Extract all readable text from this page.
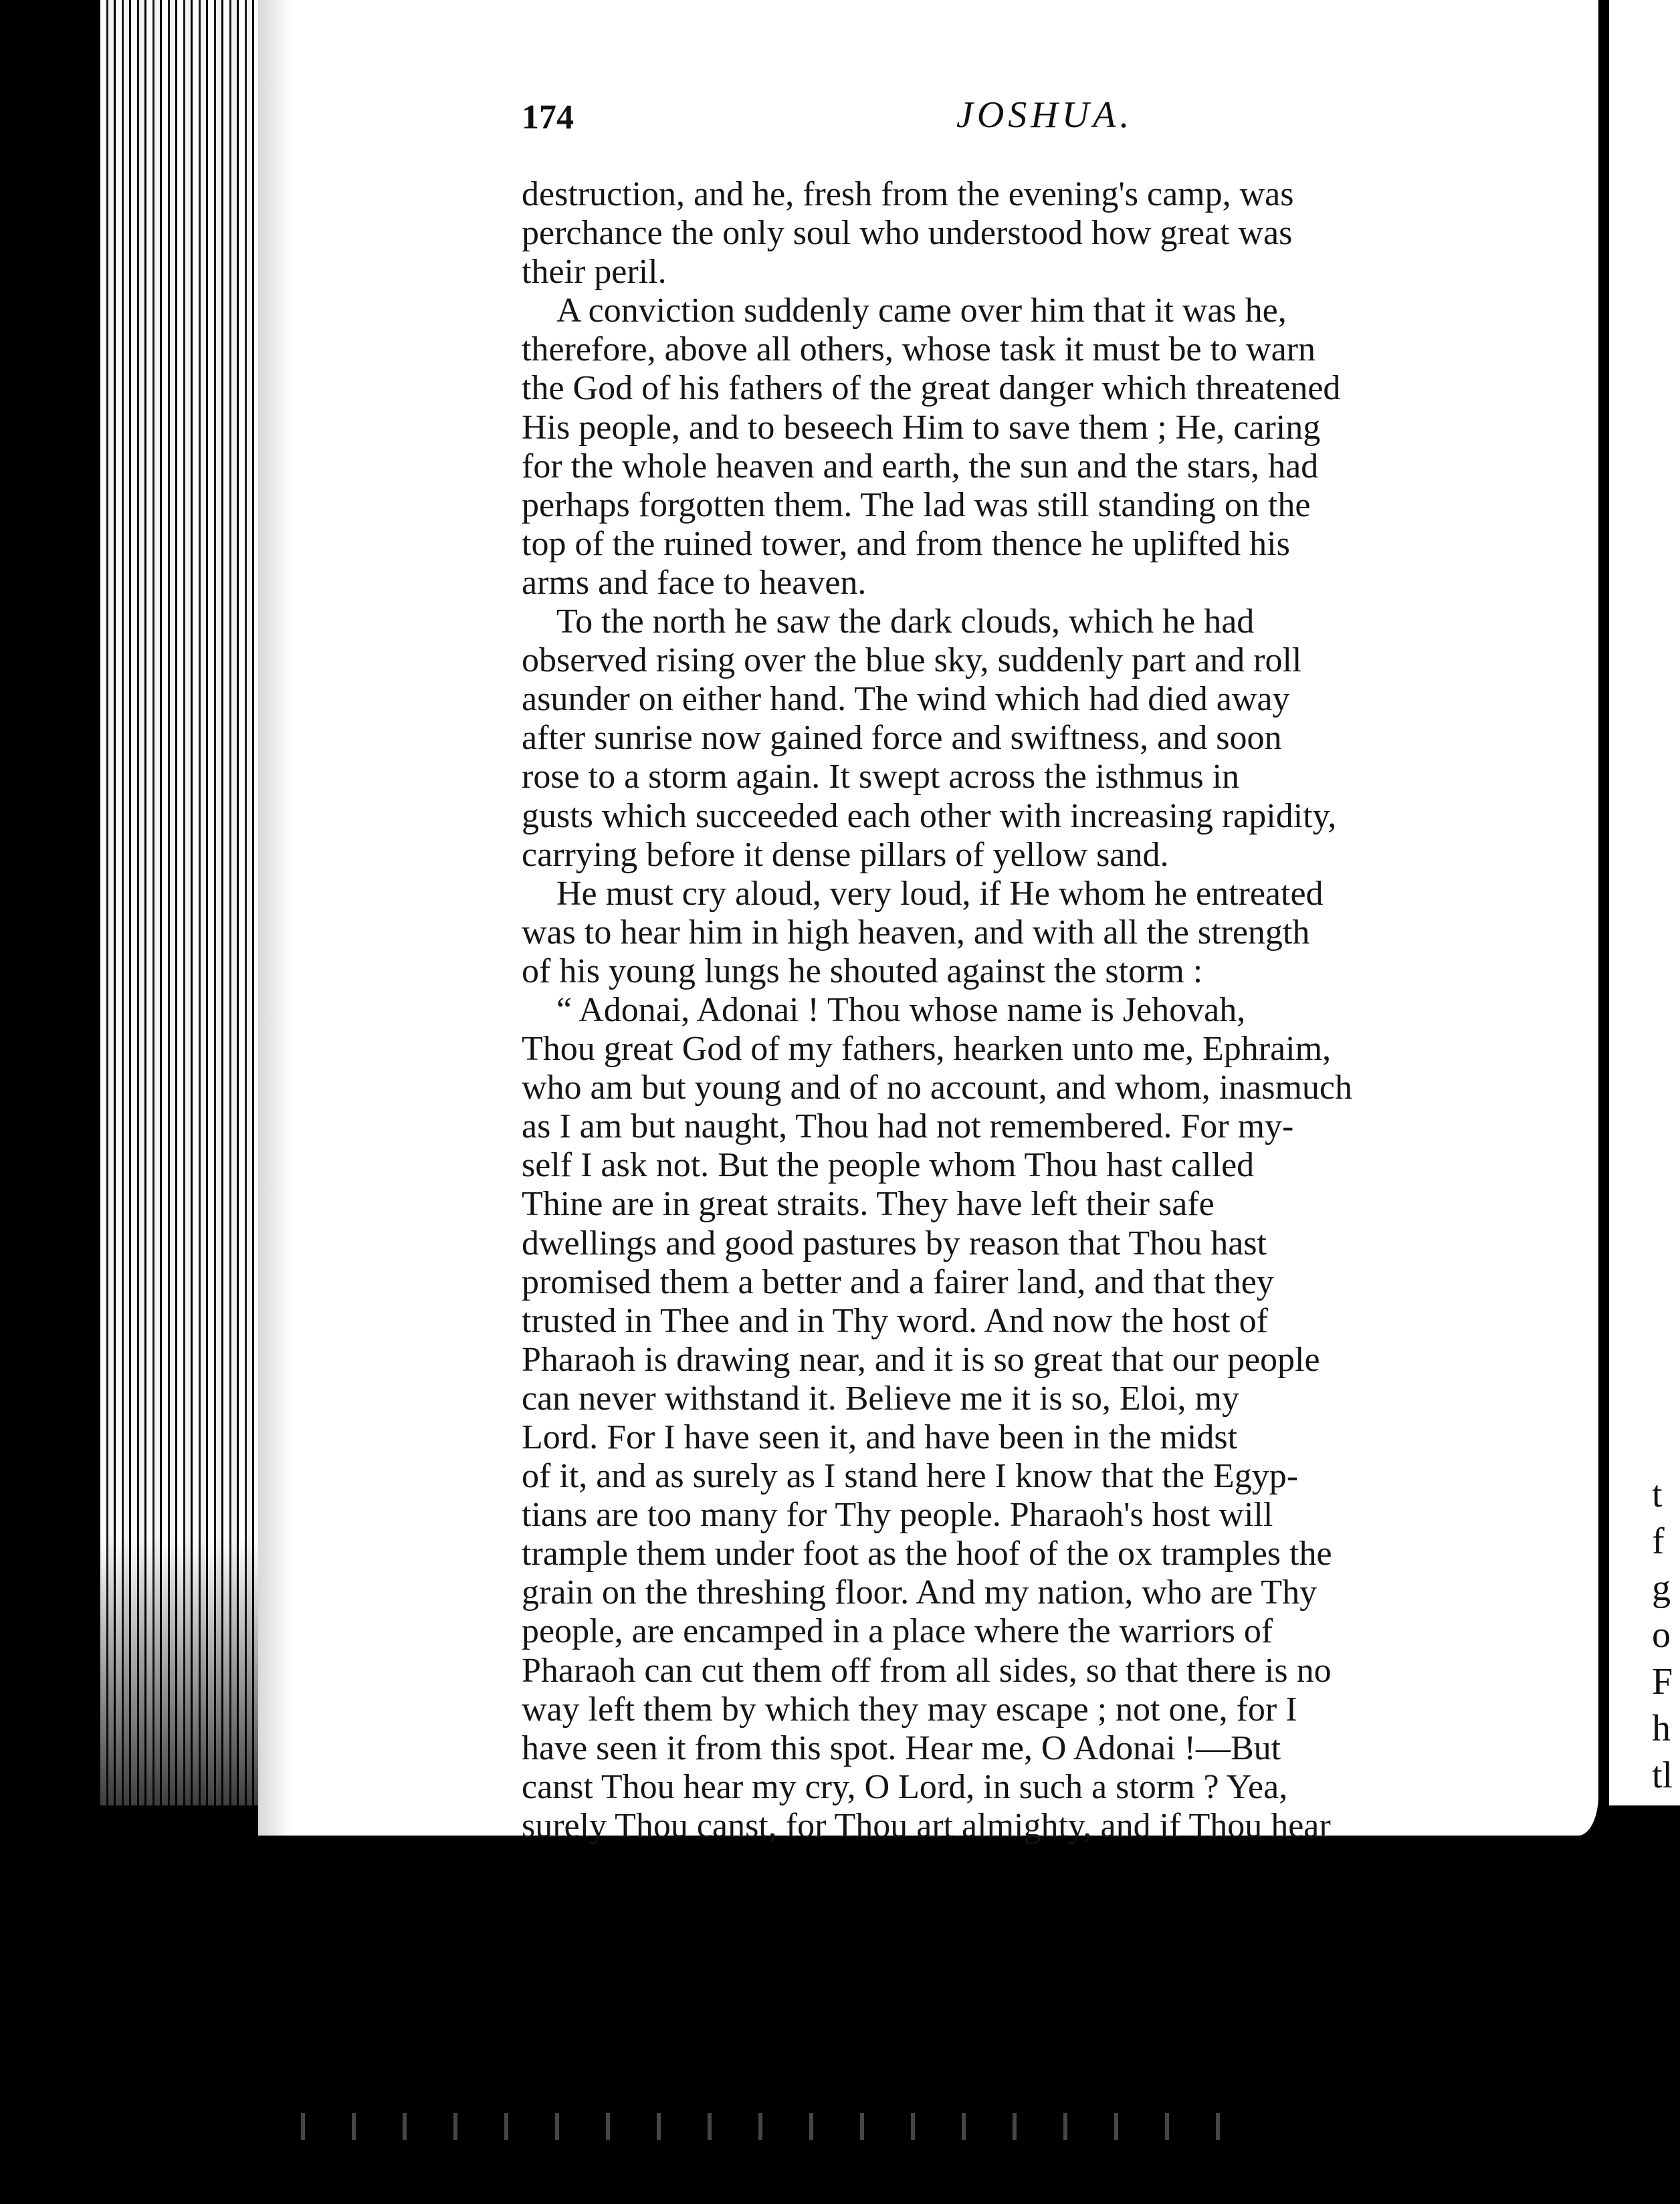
t
f
g
o
F
h
tl
174	JOSHUA.
destruction, and he, fresh from the evening's camp, was
perchance the only soul who understood how great was
their peril.
A conviction suddenly came over him that it was he,
therefore, above all others, whose task it must be to warn
the God of his fathers of the great danger which threatened
His people, and to beseech Him to save them ; He, caring
for the whole heaven and earth, the sun and the stars, had
perhaps forgotten them. The lad was still standing on the
top of the ruined tower, and from thence he uplifted his
arms and face to heaven.
To the north he saw the dark clouds, which he had
observed rising over the blue sky, suddenly part and roll
asunder on either hand. The wind which had died away
after sunrise now gained force and swiftness, and soon
rose to a storm again. It swept across the isthmus in
gusts which succeeded each other with increasing rapidity,
carrying before it dense pillars of yellow sand.
He must cry aloud, very loud, if He whom he entreated
was to hear him in high heaven, and with all the strength
of his young lungs he shouted against the storm :
“ Adonai, Adonai ! Thou whose name is Jehovah,
Thou great God of my fathers, hearken unto me, Ephraim,
who am but young and of no account, and whom, inasmuch
as I am but naught, Thou had not remembered. For my-
self I ask not. But the people whom Thou hast called
Thine are in great straits. They have left their safe
dwellings and good pastures by reason that Thou hast
promised them a better and a fairer land, and that they
trusted in Thee and in Thy word. And now the host of
Pharaoh is drawing near, and it is so great that our people
can never withstand it. Believe me it is so, Eloi, my
Lord. For I have seen it, and have been in the midst
of it, and as surely as I stand here I know that the Egyp-
tians are too many for Thy people. Pharaoh's host will
trample them under foot as the hoof of the ox tramples the
grain on the threshing floor. And my nation, who are Thy
people, are encamped in a place where the warriors of
Pharaoh can cut them off from all sides, so that there is no
way left them by which they may escape ; not one, for I
have seen it from this spot. Hear me, O Adonai !—But
canst Thou hear my cry, O Lord, in such a storm ? Yea,
surely Thou canst, for Thou art almighty, and if Thou hear
